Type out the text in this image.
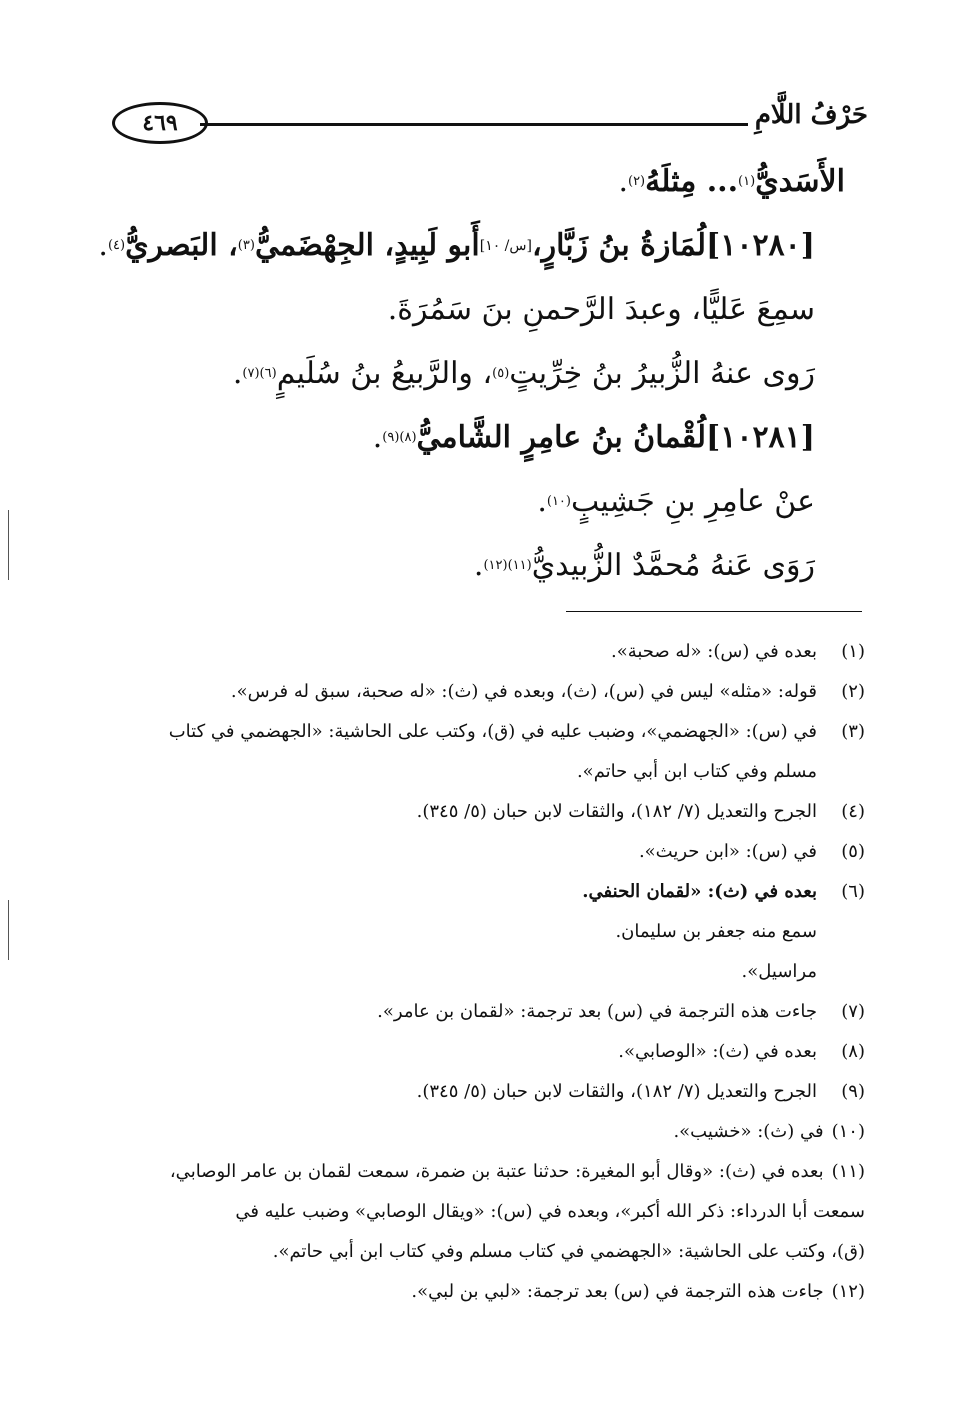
٤٦٩	حَرْفُ اللَّامِ
الأَسَديُّ
(١)
... مِثلَهُ
(٢)
.
[١٠٢٨٠]
لُمَازةُ بنُ زَبَّارٍ،
[س/ ١٠]
أَبو لَبِيدٍ، الجِهْضَميُّ
(٣)
، البَصريُّ
(٤)
.
سمِعَ عَليًّا، وعبدَ الرَّحمنِ بنَ سَمُرَةَ.
رَوى عنهُ الزُّبيرُ بنُ خِرِّيتٍ
(٥)
، والرَّبيعُ بنُ سُلَيمٍ
(٦)(٧)
.
[١٠٢٨١]
لُقْمانُ بنُ عامِرٍ الشَّاميُّ
(٨)(٩)
.
عنْ عامِرِ بنِ جَشِيبٍ
(١٠)
.
رَوَى عَنهُ مُحمَّدٌ الزُّبيديُّ
(١١)(١٢)
.
(١)بعده في (س): «له صحبة».
(٢)قوله: «مثله» ليس في (س)، (ث)، وبعده في (ث): «له صحبة، سبق له فرس».
(٣)في (س): «الجهضمي»، وضبب عليه في (ق)، وكتب على الحاشية: «الجهضمي في كتاب
مسلم وفي كتاب ابن أبي حاتم».
(٤)الجرح والتعديل (٧/ ١٨٢)، والثقات لابن حبان (٥/ ٣٤٥).
(٥)في (س): «ابن حريث».
(٦)بعده في (ث): «لقمان الحنفي.
سمع منه جعفر بن سليمان.
مراسيل».
(٧)جاءت هذه الترجمة في (س) بعد ترجمة: «لقمان بن عامر».
(٨)بعده في (ث): «الوصابي».
(٩)الجرح والتعديل (٧/ ١٨٢)، والثقات لابن حبان (٥/ ٣٤٥).
(١٠)في (ث): «خشيب».
(١١)بعده في (ث): «وقال أبو المغيرة: حدثنا عتبة بن ضمرة، سمعت لقمان بن عامر الوصابي،
سمعت أبا الدرداء: ذكر الله أكبر»، وبعده في (س): «ويقال الوصابي» وضبب عليه في
(ق)، وكتب على الحاشية: «الجهضمي في كتاب مسلم وفي كتاب ابن أبي حاتم».
(١٢)جاءت هذه الترجمة في (س) بعد ترجمة: «لبي بن لبي».
